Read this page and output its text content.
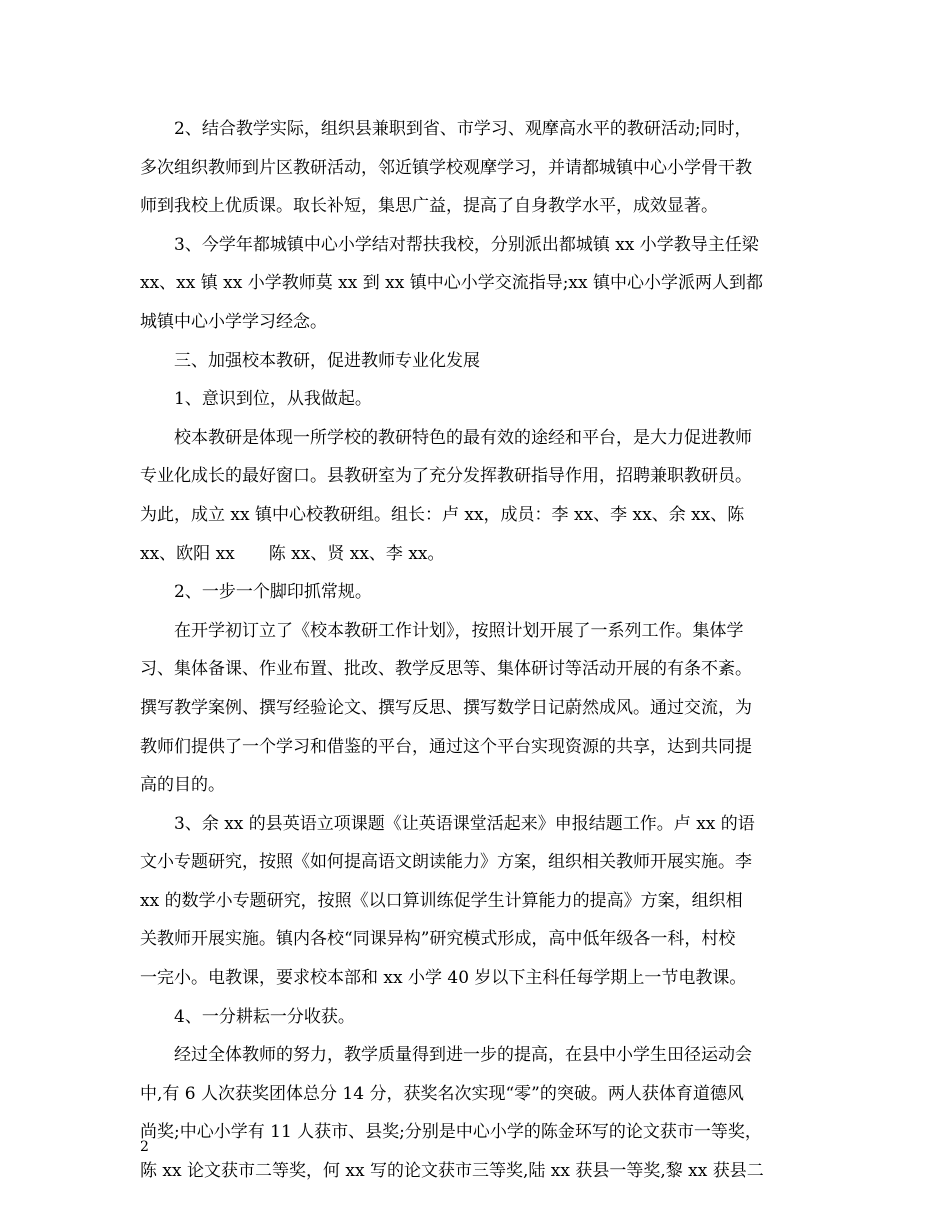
　　2、结合教学实际，组织县兼职到省、市学习、观摩高水平的教研活动;同时，
多次组织教师到片区教研活动，邻近镇学校观摩学习，并请都城镇中心小学骨干教
师到我校上优质课。取长补短，集思广益，提高了自身教学水平，成效显著。
　　3、今学年都城镇中心小学结对帮扶我校，分别派出都城镇 xx 小学教导主任梁
xx、xx 镇 xx 小学教师莫 xx 到 xx 镇中心小学交流指导;xx 镇中心小学派两人到都
城镇中心小学学习经念。
　　三、加强校本教研，促进教师专业化发展
　　1、意识到位，从我做起。
　　校本教研是体现一所学校的教研特色的最有效的途经和平台，是大力促进教师
专业化成长的最好窗口。县教研室为了充分发挥教研指导作用，招聘兼职教研员。
为此，成立 xx 镇中心校教研组。组长：卢 xx，成员：李 xx、李 xx、余 xx、陈
xx、欧阳 xx　　陈 xx、贤 xx、李 xx。
　　2、一步一个脚印抓常规。
　　在开学初订立了《校本教研工作计划》，按照计划开展了一系列工作。集体学
习、集体备课、作业布置、批改、教学反思等、集体研讨等活动开展的有条不紊。
撰写教学案例、撰写经验论文、撰写反思、撰写数学日记蔚然成风。通过交流，为
教师们提供了一个学习和借鉴的平台，通过这个平台实现资源的共享，达到共同提
高的目的。
　　3、余 xx 的县英语立项课题《让英语课堂活起来》申报结题工作。卢 xx 的语
文小专题研究，按照《如何提高语文朗读能力》方案，组织相关教师开展实施。李
xx 的数学小专题研究，按照《以口算训练促学生计算能力的提高》方案，组织相
关教师开展实施。镇内各校“同课异构”研究模式形成，高中低年级各一科，村校
一完小。电教课，要求校本部和 xx 小学 40 岁以下主科任每学期上一节电教课。
　　4、一分耕耘一分收获。
　　经过全体教师的努力，教学质量得到进一步的提高，在县中小学生田径运动会
中,有 6 人次获奖团体总分 14 分，获奖名次实现“零”的突破。两人获体育道德风
尚奖;中心小学有 11 人获市、县奖;分别是中心小学的陈金环写的论文获市一等奖，
陈 xx 论文获市二等奖，何 xx 写的论文获市三等奖,陆 xx 获县一等奖,黎 xx 获县二
2
